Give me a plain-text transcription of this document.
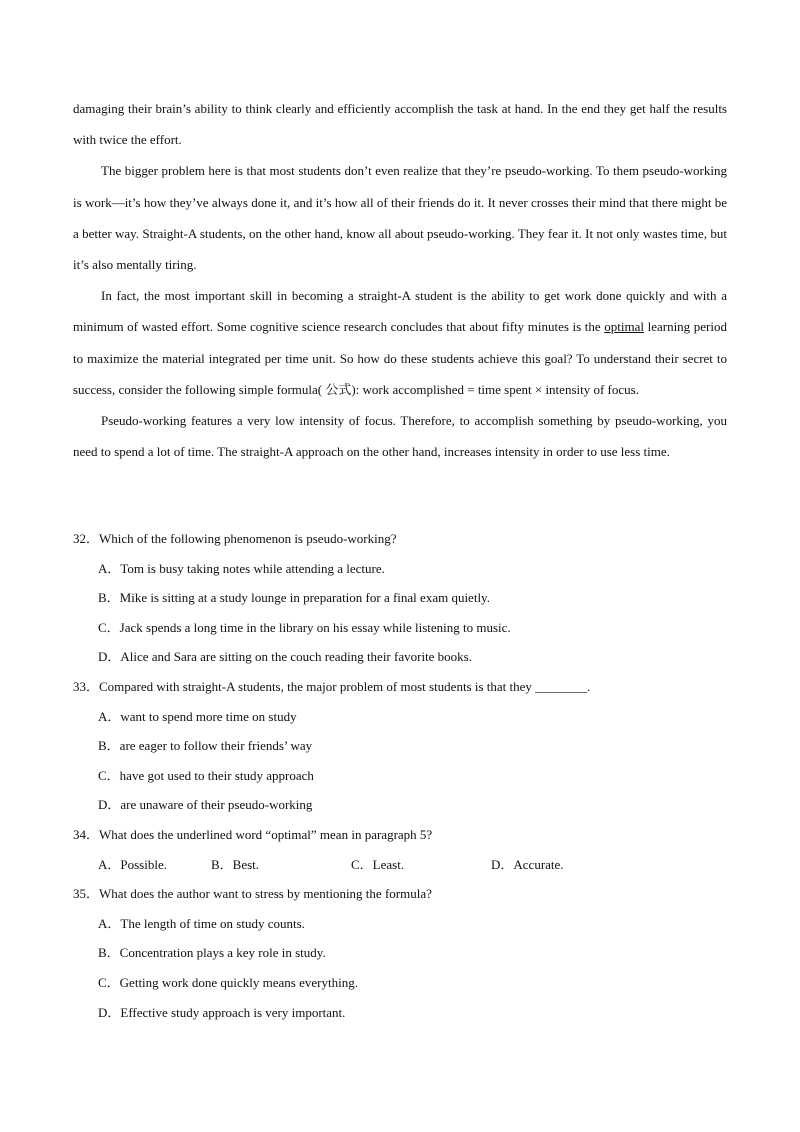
damaging their brain’s ability to think clearly and efficiently accomplish the task at hand. In the end they get half the results with twice the effort.

The bigger problem here is that most students don’t even realize that they’re pseudo-working. To them pseudo-working is work—it’s how they’ve always done it, and it’s how all of their friends do it. It never crosses their mind that there might be a better way. Straight-A students, on the other hand, know all about pseudo-working. They fear it. It not only wastes time, but it’s also mentally tiring.

In fact, the most important skill in becoming a straight-A student is the ability to get work done quickly and with a minimum of wasted effort. Some cognitive science research concludes that about fifty minutes is the optimal learning period to maximize the material integrated per time unit. So how do these students achieve this goal? To understand their secret to success, consider the following simple formula( 公式): work accomplished = time spent × intensity of focus.

Pseudo-working features a very low intensity of focus. Therefore, to accomplish something by pseudo-working, you need to spend a lot of time. The straight-A approach on the other hand, increases intensity in order to use less time.

32．Which of the following phenomenon is pseudo-working?

A．Tom is busy taking notes while attending a lecture.

B．Mike is sitting at a study lounge in preparation for a final exam quietly.

C．Jack spends a long time in the library on his essay while listening to music.

D．Alice and Sara are sitting on the couch reading their favorite books.

33．Compared with straight-A students, the major problem of most students is that they ________.

A．want to spend more time on study

B．are eager to follow their friends’ way

C．have got used to their study approach

D．are unaware of their pseudo-working

34．What does the underlined word “optimal” mean in paragraph 5?

A．Possible.	B．Best.	C．Least.	D．Accurate.

35．What does the author want to stress by mentioning the formula?

A．The length of time on study counts.

B．Concentration plays a key role in study.

C．Getting work done quickly means everything.

D．Effective study approach is very important.
